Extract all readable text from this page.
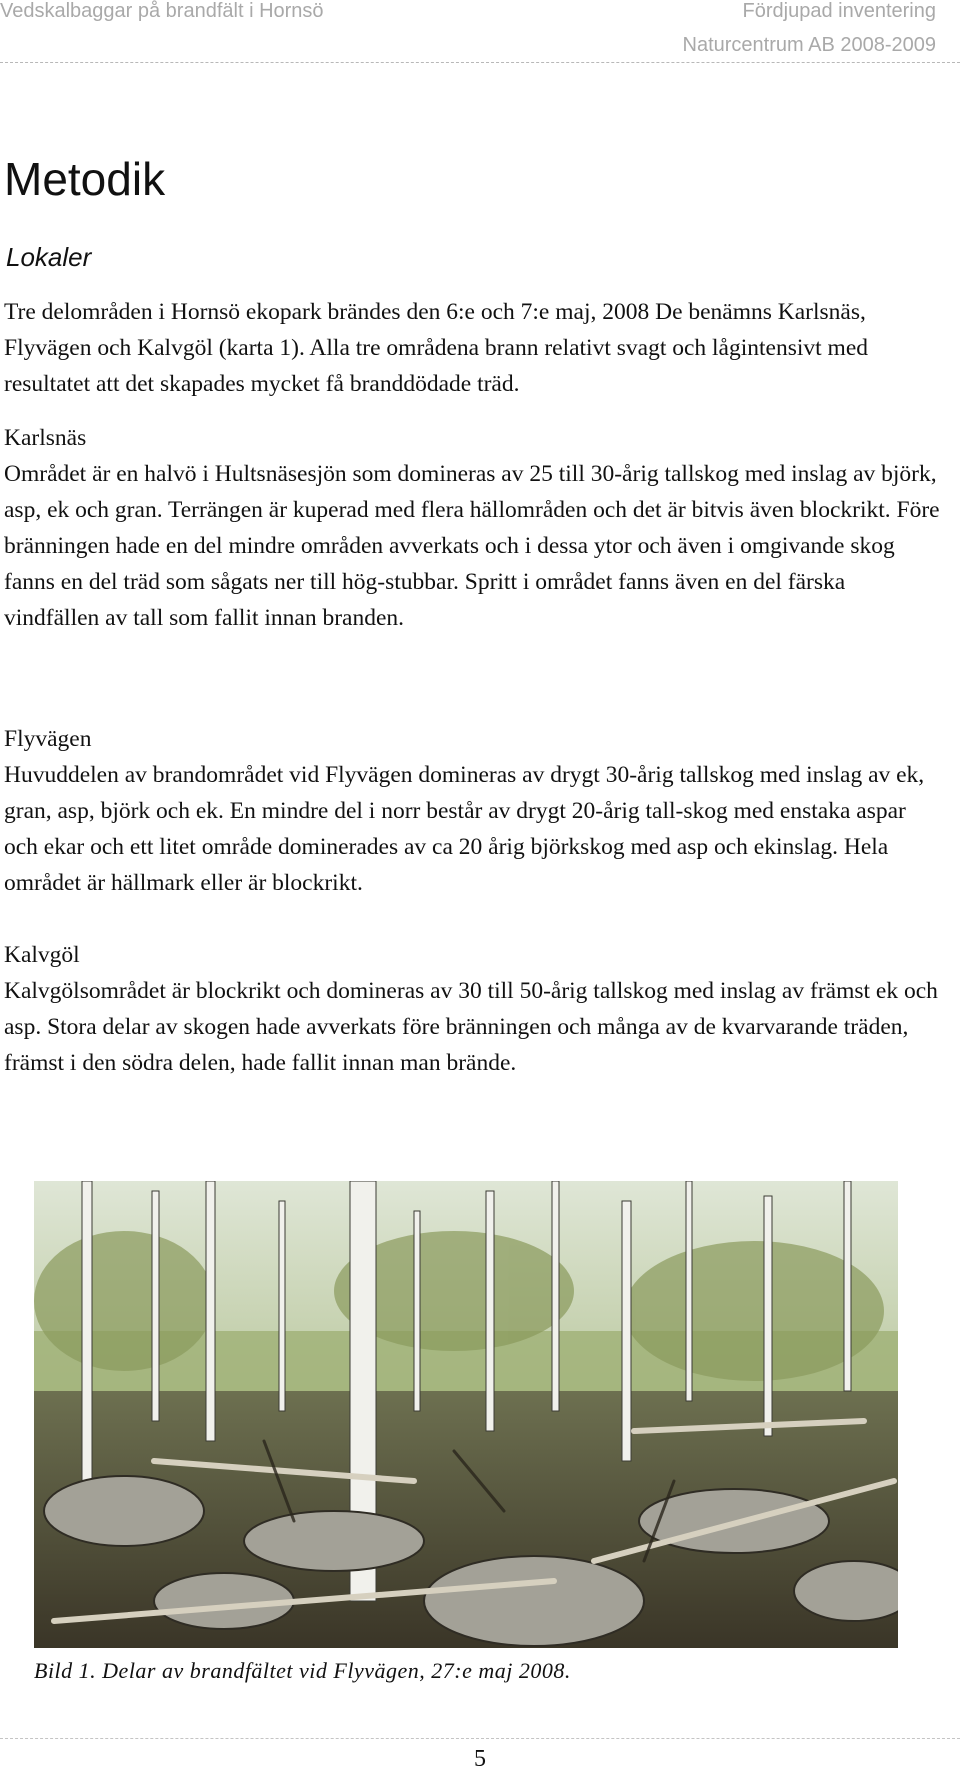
Vedskalbaggar på brandfält i Hornsö	Fördjupad inventering
Naturcentrum AB 2008-2009
Metodik
Lokaler

Tre delområden i Hornsö ekopark brändes den 6:e och 7:e maj, 2008 De benämns Karlsnäs, Flyvägen och Kalvgöl (karta 1). Alla tre områdena brann relativt svagt och lågintensivt med resultatet att det skapades mycket få branddödade träd.

Karlsnäs

Området är en halvö i Hultsnäsesjön som domineras av 25 till 30-årig tallskog med inslag av björk, asp, ek och gran. Terrängen är kuperad med flera hällområden och det är bitvis även blockrikt. Före bränningen hade en del mindre områden avverkats och i dessa ytor och även i omgivande skog fanns en del träd som sågats ner till hög-stubbar. Spritt i området fanns även en del färska vindfällen av tall som fallit innan branden.

Flyvägen

Huvuddelen av brandområdet vid Flyvägen domineras av drygt 30-årig tallskog med inslag av ek, gran, asp, björk och ek. En mindre del i norr består av drygt 20-årig tall-skog med enstaka aspar och ekar och ett litet område dominerades av ca 20 årig björkskog med asp och ekinslag. Hela området är hällmark eller är blockrikt.

Kalvgöl

Kalvgölsområdet är blockrikt och domineras av 30 till 50-årig tallskog med inslag av främst ek och asp. Stora delar av skogen hade avverkats före bränningen och många av de kvarvarande träden, främst i den södra delen, hade fallit innan man brände.

Bild 1. Delar av brandfältet vid Flyvägen, 27:e maj 2008.
5
